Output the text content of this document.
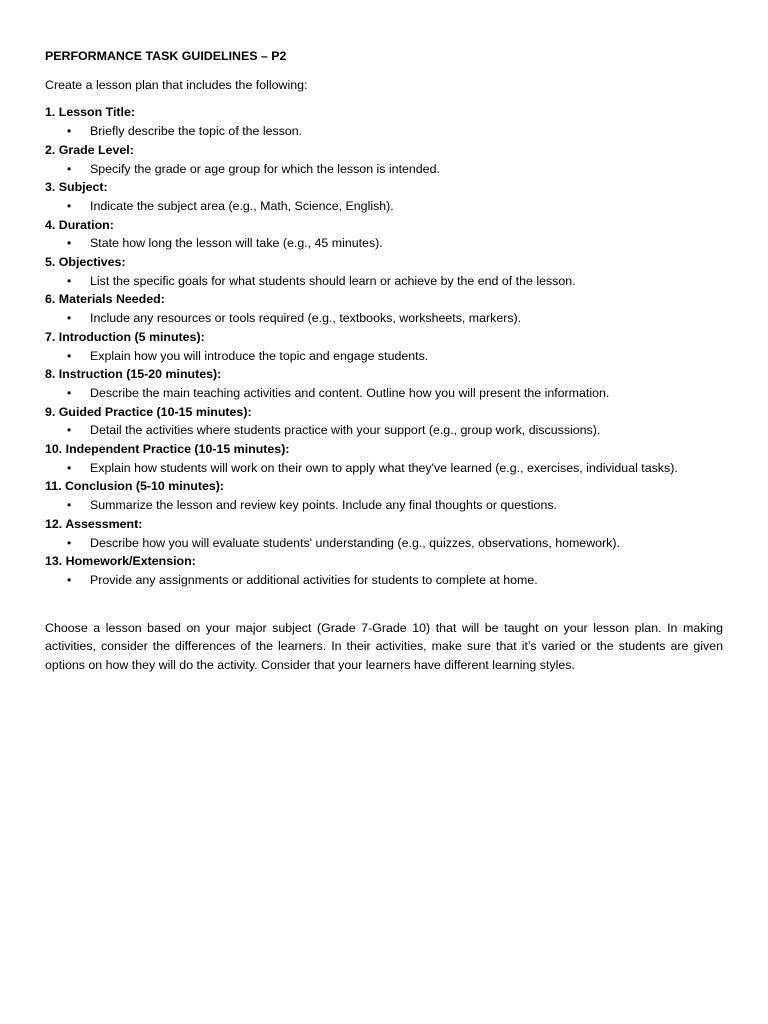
PERFORMANCE TASK GUIDELINES – P2

Create a lesson plan that includes the following:

1. Lesson Title:

• Briefly describe the topic of the lesson.

2. Grade Level:

• Specify the grade or age group for which the lesson is intended.

3. Subject:

• Indicate the subject area (e.g., Math, Science, English).

4. Duration:

• State how long the lesson will take (e.g., 45 minutes).

5. Objectives:

• List the specific goals for what students should learn or achieve by the end of the lesson.

6. Materials Needed:

• Include any resources or tools required (e.g., textbooks, worksheets, markers).

7. Introduction (5 minutes):

• Explain how you will introduce the topic and engage students.

8. Instruction (15-20 minutes):

• Describe the main teaching activities and content. Outline how you will present the information.

9. Guided Practice (10-15 minutes):

• Detail the activities where students practice with your support (e.g., group work, discussions).

10. Independent Practice (10-15 minutes):

• Explain how students will work on their own to apply what they've learned (e.g., exercises, individual tasks).

11. Conclusion (5-10 minutes):

• Summarize the lesson and review key points. Include any final thoughts or questions.

12. Assessment:

• Describe how you will evaluate students' understanding (e.g., quizzes, observations, homework).

13. Homework/Extension:

• Provide any assignments or additional activities for students to complete at home.

Choose a lesson based on your major subject (Grade 7-Grade 10) that will be taught on your lesson plan. In making activities, consider the differences of the learners. In their activities, make sure that it’s varied or the students are given options on how they will do the activity. Consider that your learners have different learning styles.
